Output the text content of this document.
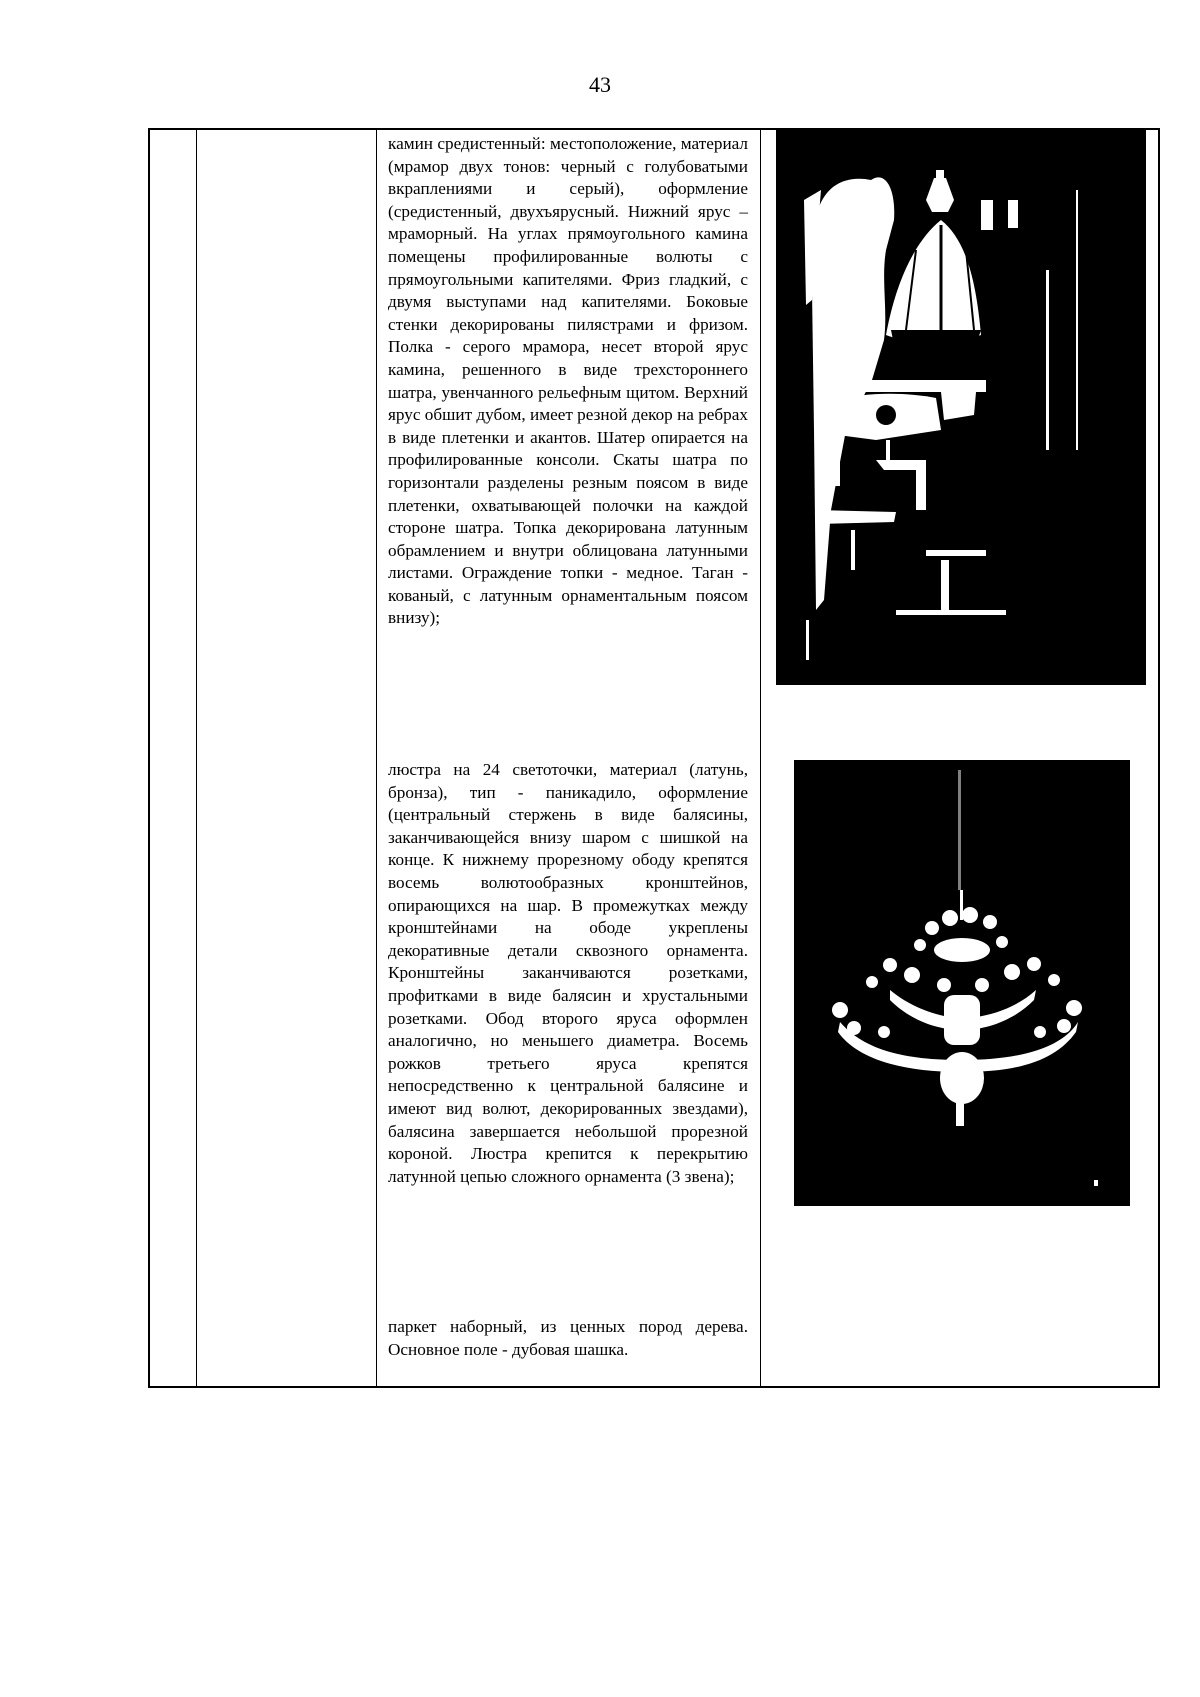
43
камин средистенный: местоположение, материал (мрамор двух тонов: черный с голубоватыми вкраплениями и серый), оформление (средистенный, двухъярусный. Нижний ярус – мраморный. На углах прямоугольного камина помещены профилированные волюты с прямоугольными капителями. Фриз гладкий, с двумя выступами над капителями. Боковые стенки декорированы пилястрами и фризом. Полка - серого мрамора, несет второй ярус камина, решенного в виде трехстороннего шатра, увенчанного рельефным щитом. Верхний ярус обшит дубом, имеет резной декор на ребрах в виде плетенки и акантов. Шатер опирается на профилированные консоли. Скаты шатра по горизонтали разделены резным поясом в виде плетенки, охватывающей полочки на каждой стороне шатра. Топка декорирована латунным обрамлением и внутри облицована латунными листами. Ограждение топки - медное. Таган - кованый, с латунным орнаментальным поясом внизу);
люстра на 24 светоточки, материал (латунь, бронза), тип - паникадило, оформление (центральный стержень в виде балясины, заканчивающейся внизу шаром с шишкой на конце. К нижнему прорезному ободу крепятся восемь волютообразных кронштейнов, опирающихся на шар. В промежутках между кронштейнами на ободе укреплены декоративные детали сквозного орнамента. Кронштейны заканчиваются розетками, профитками в виде балясин и хрустальными розетками. Обод второго яруса оформлен аналогично, но меньшего диаметра. Восемь рожков третьего яруса крепятся непосредственно к центральной балясине и имеют вид волют, декорированных звездами), балясина завершается небольшой прорезной короной. Люстра крепится к перекрытию латунной цепью сложного орнамента (3 звена);
паркет наборный, из ценных пород дерева. Основное поле - дубовая шашка.
